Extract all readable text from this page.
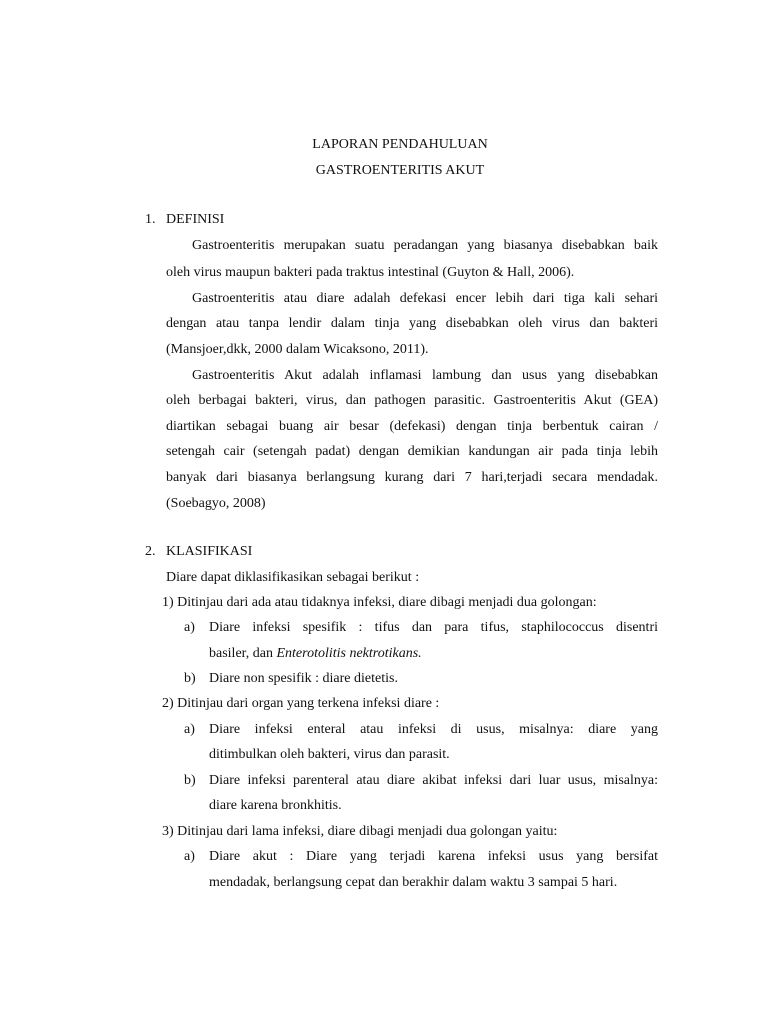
LAPORAN PENDAHULUAN
GASTROENTERITIS AKUT
1. DEFINISI
Gastroenteritis merupakan suatu peradangan yang biasanya disebabkan baik
oleh virus maupun bakteri pada traktus intestinal (Guyton & Hall, 2006).
Gastroenteritis atau diare adalah defekasi encer lebih dari tiga kali sehari
dengan atau tanpa lendir dalam tinja yang disebabkan oleh virus dan bakteri
(Mansjoer,dkk, 2000 dalam Wicaksono, 2011).
Gastroenteritis Akut adalah inflamasi lambung dan usus yang disebabkan
oleh berbagai bakteri, virus, dan pathogen parasitic. Gastroenteritis Akut (GEA)
diartikan sebagai buang air besar (defekasi) dengan tinja berbentuk cairan /
setengah cair (setengah padat) dengan demikian kandungan air pada tinja lebih
banyak dari biasanya berlangsung kurang dari 7 hari,terjadi secara mendadak.
(Soebagyo, 2008)
2. KLASIFIKASI
Diare dapat diklasifikasikan sebagai berikut :
1) Ditinjau dari ada atau tidaknya infeksi, diare dibagi menjadi dua golongan:
a) Diare infeksi spesifik : tifus dan para tifus, staphilococcus disentri
basiler, dan Enterotolitis nektrotikans.
b) Diare non spesifik : diare dietetis.
2) Ditinjau dari organ yang terkena infeksi diare :
a) Diare infeksi enteral atau infeksi di usus, misalnya: diare yang
ditimbulkan oleh bakteri, virus dan parasit.
b) Diare infeksi parenteral atau diare akibat infeksi dari luar usus, misalnya:
diare karena bronkhitis.
3) Ditinjau dari lama infeksi, diare dibagi menjadi dua golongan yaitu:
a) Diare akut : Diare yang terjadi karena infeksi usus yang bersifat
mendadak, berlangsung cepat dan berakhir dalam waktu 3 sampai 5 hari.
